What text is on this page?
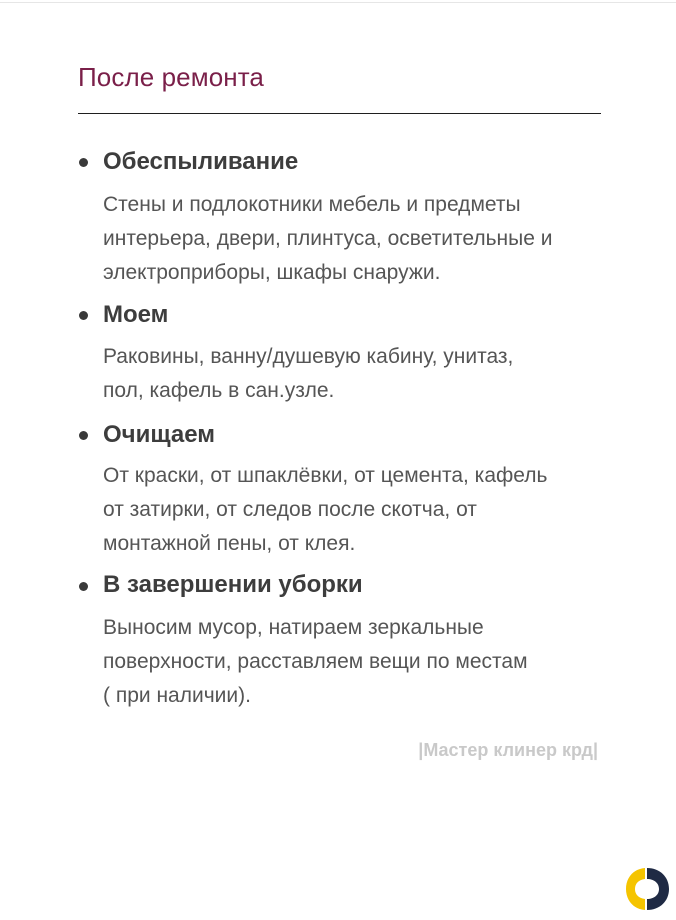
После ремонта
Обеспыливание
Стены и подлокотники мебель и предметы
интерьера, двери, плинтуса, осветительные и
электроприборы, шкафы снаружи.
Моем
Раковины, ванну/душевую кабину, унитаз,
пол, кафель в сан.узле.
Очищаем
От краски, от шпаклёвки, от цемента, кафель
от затирки, от следов после скотча, от
монтажной пены, от клея.
В завершении уборки
Выносим мусор, натираем зеркальные
поверхности, расставляем вещи по местам
( при наличии).
|Мастер клинер крд|
